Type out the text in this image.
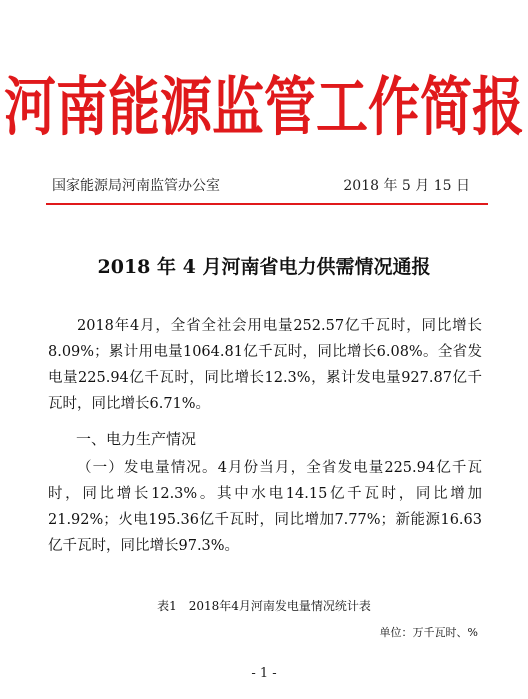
河南能源监管工作简报
国家能源局河南监管办公室	2018 年 5 月 15 日
2018 年 4 月河南省电力供需情况通报
2018年4月，全省全社会用电量252.57亿千瓦时，同比增长8.09%；累计用电量1064.81亿千瓦时，同比增长6.08%。全省发电量225.94亿千瓦时，同比增长12.3%，累计发电量927.87亿千瓦时，同比增长6.71%。
一、电力生产情况
（一）发电量情况。4月份当月，全省发电量225.94亿千瓦时，同比增长12.3%。其中水电14.15亿千瓦时，同比增加21.92%；火电195.36亿千瓦时，同比增加7.77%；新能源16.63亿千瓦时，同比增长97.3%。
表1　2018年4月河南发电量情况统计表
单位：万千瓦时、%
- 1 -
